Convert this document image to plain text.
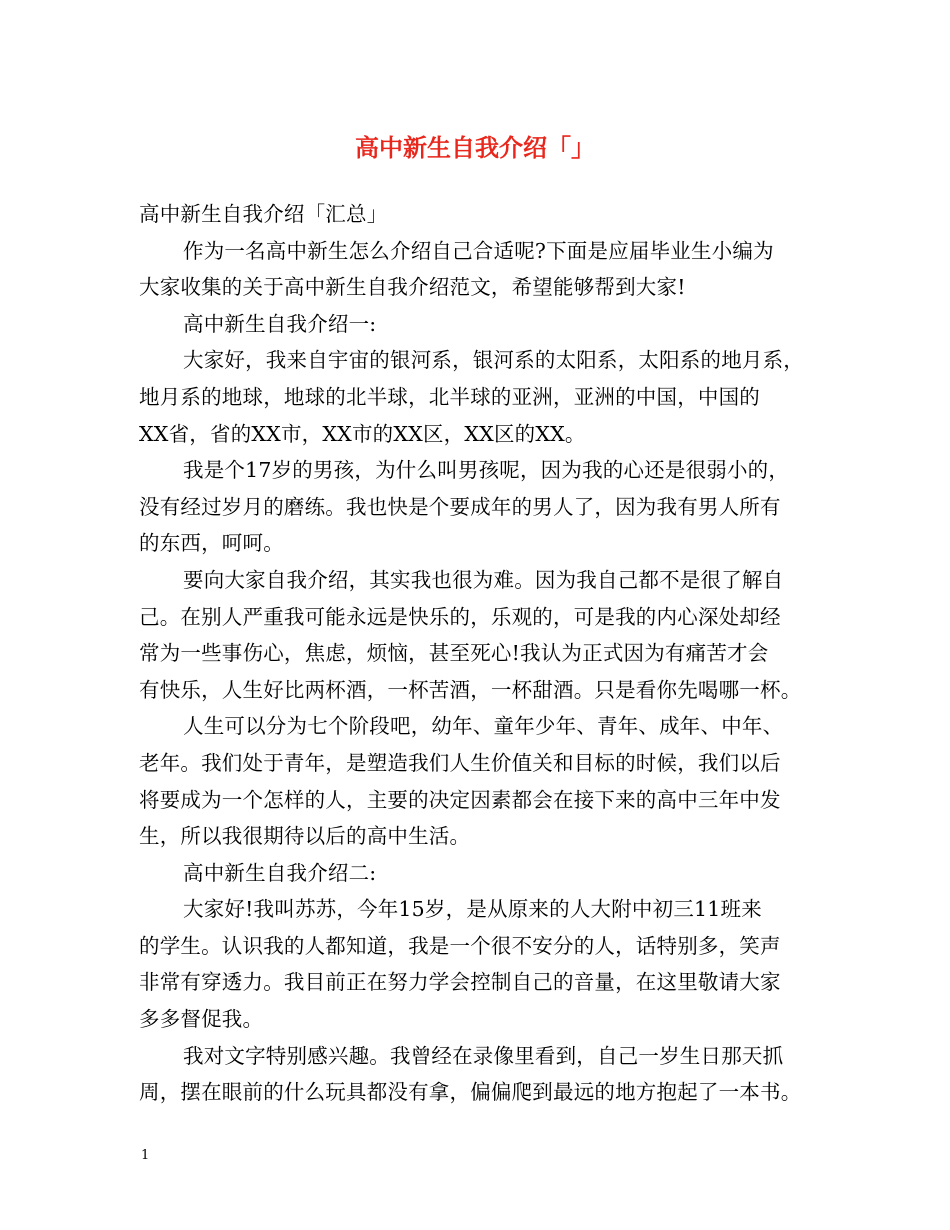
高中新生自我介绍「」
高中新生自我介绍「汇总」
作为一名高中新生怎么介绍自己合适呢?下面是应届毕业生小编为
大家收集的关于高中新生自我介绍范文，希望能够帮到大家!
高中新生自我介绍一:
大家好，我来自宇宙的银河系，银河系的太阳系，太阳系的地月系，
地月系的地球，地球的北半球，北半球的亚洲，亚洲的中国，中国的
XX省，省的XX市，XX市的XX区，XX区的XX。
我是个17岁的男孩，为什么叫男孩呢，因为我的心还是很弱小的，
没有经过岁月的磨练。我也快是个要成年的男人了，因为我有男人所有
的东西，呵呵。
要向大家自我介绍，其实我也很为难。因为我自己都不是很了解自
己。在别人严重我可能永远是快乐的，乐观的，可是我的内心深处却经
常为一些事伤心，焦虑，烦恼，甚至死心!我认为正式因为有痛苦才会
有快乐，人生好比两杯酒，一杯苦酒，一杯甜酒。只是看你先喝哪一杯。
人生可以分为七个阶段吧，幼年、童年少年、青年、成年、中年、
老年。我们处于青年，是塑造我们人生价值关和目标的时候，我们以后
将要成为一个怎样的人，主要的决定因素都会在接下来的高中三年中发
生，所以我很期待以后的高中生活。
高中新生自我介绍二:
大家好!我叫苏苏，今年15岁，是从原来的人大附中初三11班来
的学生。认识我的人都知道，我是一个很不安分的人，话特别多，笑声
非常有穿透力。我目前正在努力学会控制自己的音量，在这里敬请大家
多多督促我。
我对文字特别感兴趣。我曾经在录像里看到，自己一岁生日那天抓
周，摆在眼前的什么玩具都没有拿，偏偏爬到最远的地方抱起了一本书。
1
